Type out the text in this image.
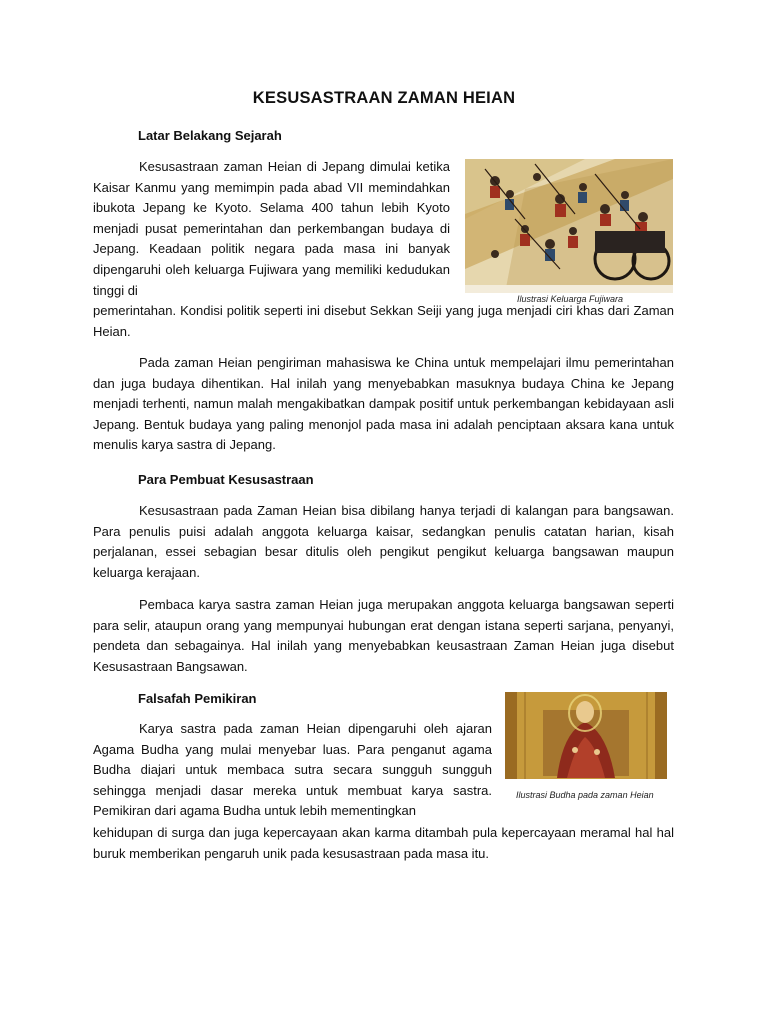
KESUSASTRAAN ZAMAN HEIAN
Latar Belakang Sejarah

Kesusastraan zaman Heian di Jepang dimulai ketika Kaisar Kanmu yang memimpin pada abad VII memindahkan ibukota Jepang ke Kyoto. Selama 400 tahun lebih Kyoto menjadi pusat pemerintahan dan perkembangan budaya di Jepang. Keadaan politik negara pada masa ini banyak dipengaruhi oleh keluarga Fujiwara yang memiliki kedudukan tinggi di

pemerintahan. Kondisi politik seperti ini disebut Sekkan Seiji yang juga menjadi ciri khas dari Zaman Heian.

Ilustrasi Keluarga Fujiwara

Pada zaman Heian pengiriman mahasiswa ke China untuk mempelajari ilmu pemerintahan dan juga budaya dihentikan. Hal inilah yang menyebabkan masuknya budaya China ke Jepang menjadi terhenti, namun malah mengakibatkan dampak positif untuk perkembangan kebidayaan asli Jepang. Bentuk budaya yang paling menonjol pada masa ini adalah penciptaan aksara kana untuk menulis karya sastra di Jepang.

Para Pembuat Kesusastraan

Kesusastraan pada Zaman Heian bisa dibilang hanya terjadi di kalangan para bangsawan. Para penulis puisi adalah anggota keluarga kaisar, sedangkan penulis catatan harian, kisah perjalanan, essei sebagian besar ditulis oleh pengikut pengikut keluarga bangsawan maupun keluarga kerajaan.

Pembaca karya sastra zaman Heian juga merupakan anggota keluarga bangsawan seperti para selir, ataupun orang yang mempunyai hubungan erat dengan istana seperti sarjana, penyanyi, pendeta dan sebagainya. Hal inilah yang menyebabkan keusastraan Zaman Heian juga disebut Kesusastraan Bangsawan.

Falsafah Pemikiran

Karya sastra pada zaman Heian dipengaruhi oleh ajaran Agama Budha yang mulai menyebar luas. Para penganut agama Budha diajari untuk membaca sutra secara sungguh sungguh sehingga menjadi dasar mereka untuk membuat karya sastra. Pemikiran dari agama Budha untuk lebih mementingkan

kehidupan di surga dan juga kepercayaan akan karma ditambah pula kepercayaan meramal hal hal buruk memberikan pengaruh unik pada kesusastraan pada masa itu.

Ilustrasi Budha pada zaman Heian
